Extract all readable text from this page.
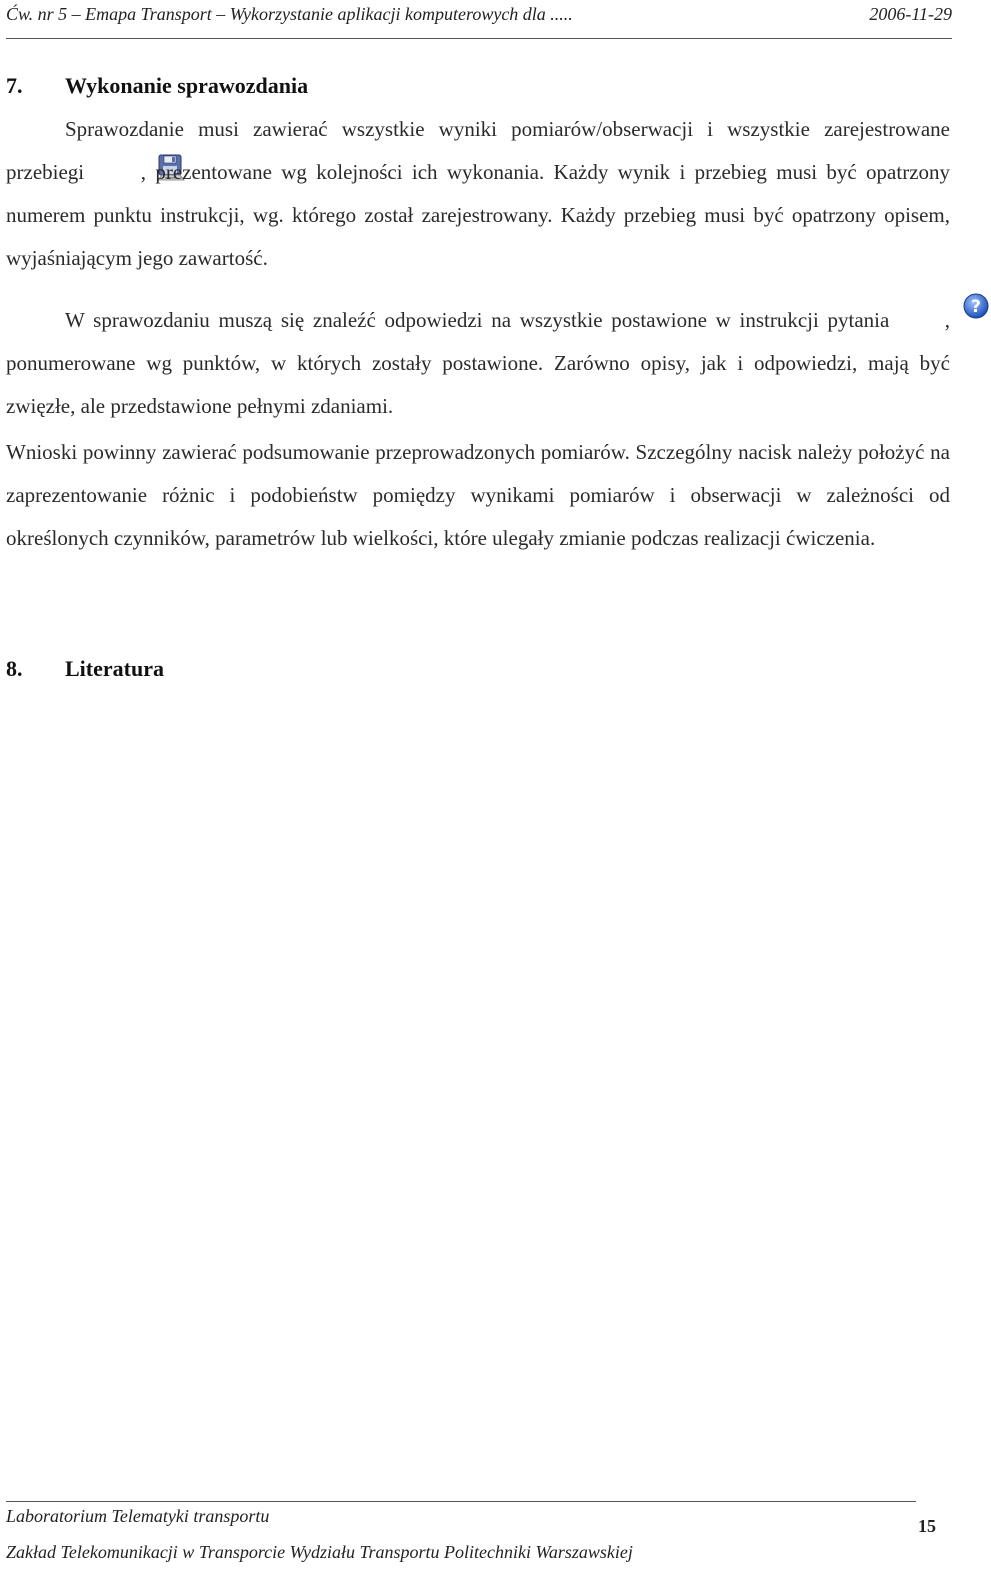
Ćw. nr 5 – Emapa Transport – Wykorzystanie aplikacji komputerowych dla .....	2006-11-29
7. Wykonanie sprawozdania
Sprawozdanie musi zawierać wszystkie wyniki pomiarów/obserwacji i wszystkie zarejestrowane przebiegi	, prezentowane wg kolejności ich wykonania. Każdy wynik i przebieg musi być opatrzony numerem punktu instrukcji, wg. którego został zarejestrowany. Każdy przebieg musi być opatrzony opisem, wyjaśniającym jego zawartość.
W sprawozdaniu muszą się znaleźć odpowiedzi na wszystkie postawione w instrukcji pytania
?
, ponumerowane wg punktów, w których zostały postawione. Zarówno opisy, jak i odpowiedzi, mają być zwięzłe, ale przedstawione pełnymi zdaniami.
Wnioski powinny zawierać podsumowanie przeprowadzonych pomiarów. Szczególny nacisk należy położyć na zaprezentowanie różnic i podobieństw pomiędzy wynikami pomiarów i obserwacji w zależności od określonych czynników, parametrów lub wielkości, które ulegały zmianie podczas realizacji ćwiczenia.
8. Literatura
Laboratorium Telematyki transportu	15
Zakład Telekomunikacji w Transporcie Wydziału Transportu Politechniki Warszawskiej
